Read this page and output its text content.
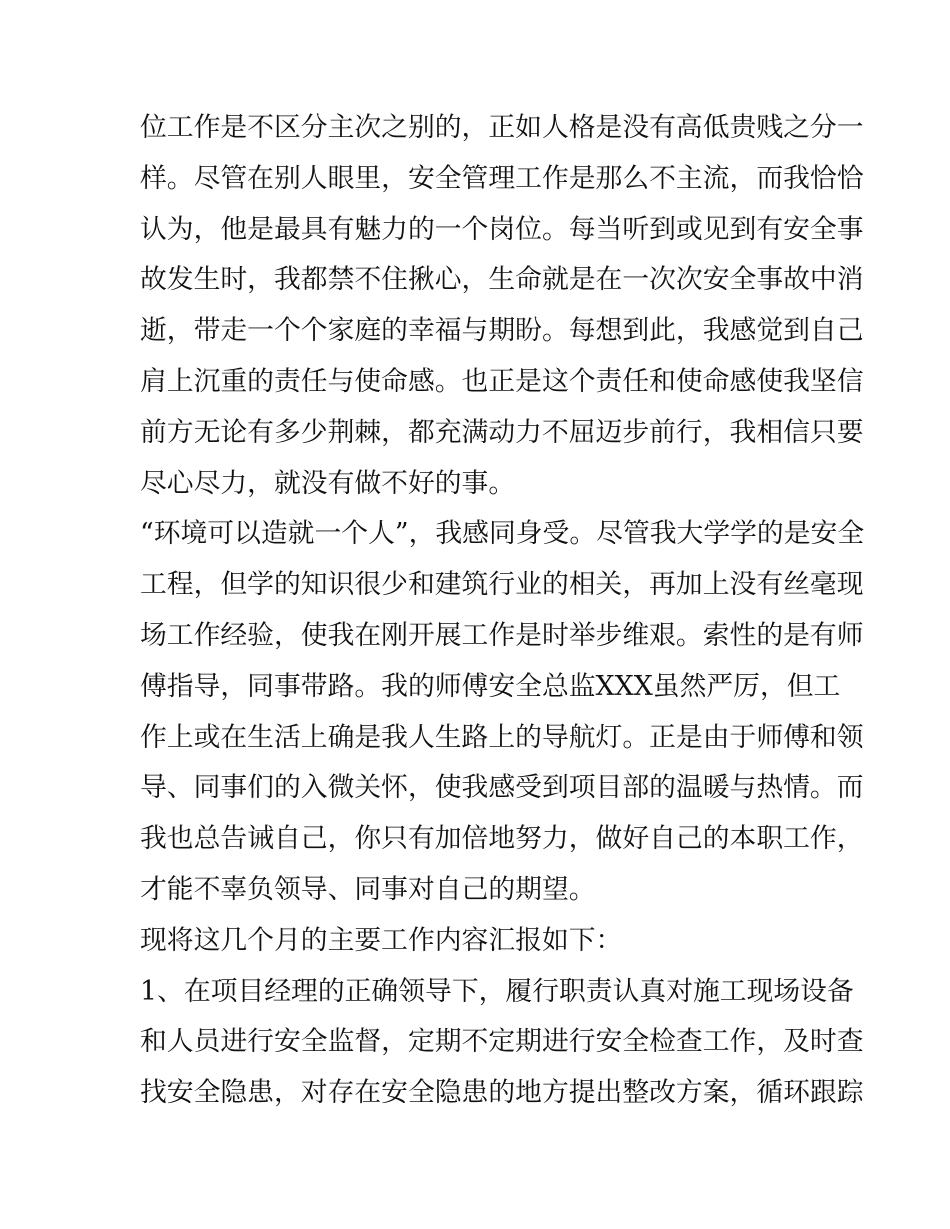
位工作是不区分主次之别的，正如人格是没有高低贵贱之分一
样。尽管在别人眼里，安全管理工作是那么不主流，而我恰恰
认为，他是最具有魅力的一个岗位。每当听到或见到有安全事
故发生时，我都禁不住揪心，生命就是在一次次安全事故中消
逝，带走一个个家庭的幸福与期盼。每想到此，我感觉到自己
肩上沉重的责任与使命感。也正是这个责任和使命感使我坚信
前方无论有多少荆棘，都充满动力不屈迈步前行，我相信只要
尽心尽力，就没有做不好的事。
“环境可以造就一个人”，我感同身受。尽管我大学学的是安全
工程，但学的知识很少和建筑行业的相关，再加上没有丝毫现
场工作经验，使我在刚开展工作是时举步维艰。索性的是有师
傅指导，同事带路。我的师傅安全总监XXX虽然严厉，但工
作上或在生活上确是我人生路上的导航灯。正是由于师傅和领
导、同事们的入微关怀，使我感受到项目部的温暖与热情。而
我也总告诫自己，你只有加倍地努力，做好自己的本职工作，
才能不辜负领导、同事对自己的期望。
现将这几个月的主要工作内容汇报如下：
1、在项目经理的正确领导下，履行职责认真对施工现场设备
和人员进行安全监督，定期不定期进行安全检查工作，及时查
找安全隐患，对存在安全隐患的地方提出整改方案，循环跟踪
